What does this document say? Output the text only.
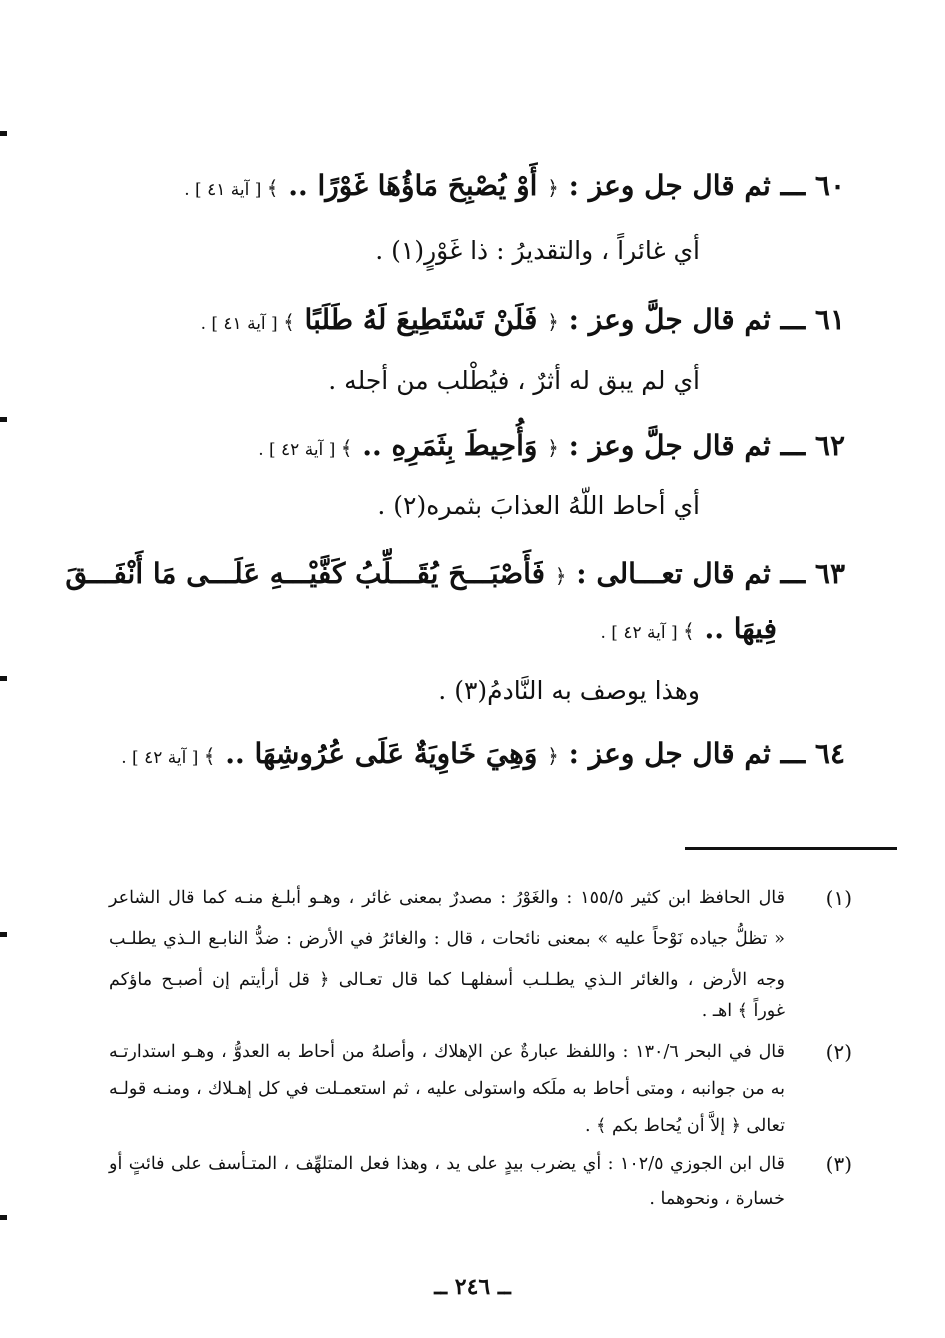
٦٠ ـــ ثم قال جل وعز : ﴿ أَوْ يُصْبِحَ مَاؤُهَا غَوْرًا .. ﴾ [ آية ٤١ ] .
أي غائراً ، والتقديرُ : ذا غَوْرٍ(١) .
٦١ ـــ ثم قال جلَّ وعز : ﴿ فَلَنْ تَسْتَطِيعَ لَهُ طَلَبًا ﴾ [ آية ٤١ ] .
أي لم يبق له أثرٌ ، فيُطْلب من أجله .
٦٢ ـــ ثم قال جلَّ وعز : ﴿ وَأُحِيطَ بِثَمَرِهِ .. ﴾ [ آية ٤٢ ] .
أي أحاط اللّهُ العذابَ بثمره(٢) .
٦٣ ـــ ثم قال تعـــالى : ﴿ فَأَصْبَـــحَ يُقَـــلِّبُ كَفَّيْـــهِ عَلَـــى مَا أَنْفَـــقَ
فِيهَا .. ﴾ [ آية ٤٢ ] .
وهذا يوصف به النَّادمُ(٣) .
٦٤ ـــ ثم قال جل وعز : ﴿ وَهِيَ خَاوِيَةٌ عَلَى عُرُوشِهَا .. ﴾ [ آية ٤٢ ] .
(١)
قال الحافظ ابن كثير ١٥٥/٥ : والغَوْرُ : مصدرٌ بمعنى غائر ، وهـو أبلـغ منـه كما قال الشاعر
« تظلُّ جياده نَوْحاً عليه » بمعنى نائحات ، قال : والغائرُ في الأرض : ضدُّ النابـع الـذي يطلـب
وجه الأرض ، والغائر الـذي يطـلـب أسفلهـا كما قال تعـالى ﴿ قل أرأيتم إن أصبـح ماؤكم
غوراً ﴾ اهـ .
(٢)
قال في البحر ١٣٠/٦ : واللفظ عبارةٌ عن الإهلاك ، وأصلهُ من أحاط به العدوُّ ، وهـو استدارتـه
به من جوانبه ، ومتى أحاط به ملَكه واستولى عليه ، ثم استعمـلت في كل إهـلاك ، ومنـه قولـه
تعالى ﴿ إلاَّ أن يُحاط بكم ﴾ .
(٣)
قال ابن الجوزي ١٠٢/٥ : أي يضرب بيدٍ على يد ، وهذا فعل المتلهِّف ، المتـأسف على فائتٍ أو
خسارة ، ونحوهما .
ــ ٢٤٦ ــ
